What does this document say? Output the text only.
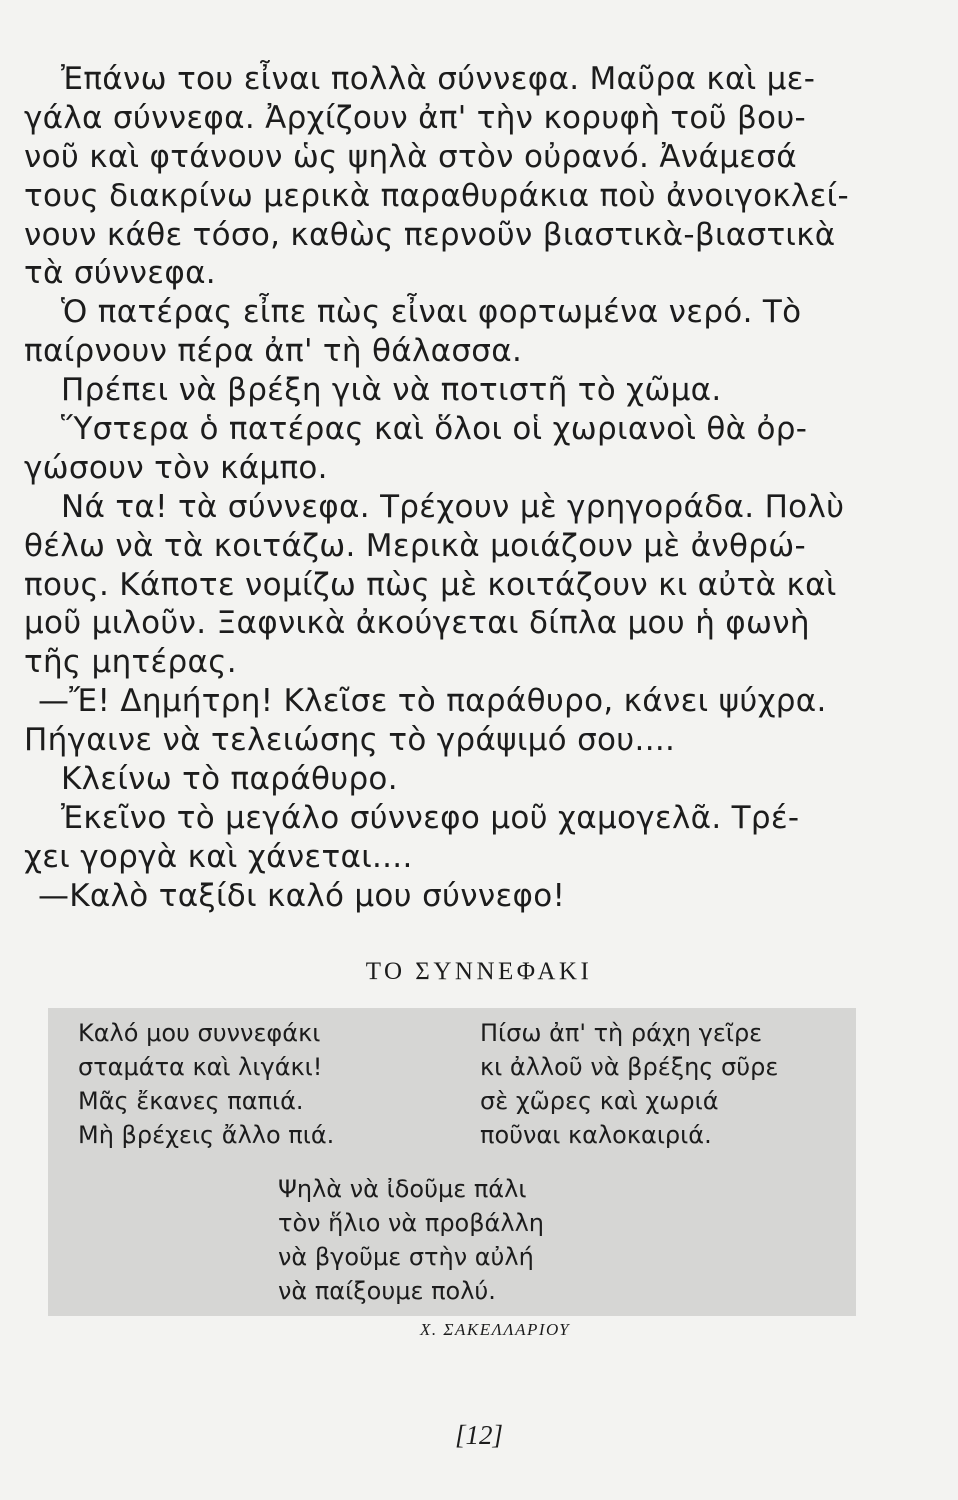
Ἐπάνω του εἶναι πολλὰ σύννεφα. Μαῦρα καὶ με-
γάλα σύννεφα. Ἀρχίζουν ἀπ' τὴν κορυφὴ τοῦ βου-
νοῦ καὶ φτάνουν ὡς ψηλὰ στὸν οὐρανό. Ἀνάμεσά
τους διακρίνω μερικὰ παραθυράκια ποὺ ἀνοιγοκλεί-
νουν κάθε τόσο, καθὼς περνοῦν βιαστικὰ-βιαστικὰ
τὰ σύννεφα.
Ὁ πατέρας εἶπε πὼς εἶναι φορτωμένα νερό. Τὸ
παίρνουν πέρα ἀπ' τὴ θάλασσα.
Πρέπει νὰ βρέξη γιὰ νὰ ποτιστῆ τὸ χῶμα.
Ὕστερα ὁ πατέρας καὶ ὅλοι οἱ χωριανοὶ θὰ ὀρ-
γώσουν τὸν κάμπο.
Νά τα! τὰ σύννεφα. Τρέχουν μὲ γρηγοράδα. Πολὺ
θέλω νὰ τὰ κοιτάζω. Μερικὰ μοιάζουν μὲ ἀνθρώ-
πους. Κάποτε νομίζω πὼς μὲ κοιτάζουν κι αὐτὰ καὶ
μοῦ μιλοῦν. Ξαφνικὰ ἀκούγεται δίπλα μου ἡ φωνὴ
τῆς μητέρας.
—Ἔ! Δημήτρη! Κλεῖσε τὸ παράθυρο, κάνει ψύχρα.
Πήγαινε νὰ τελειώσης τὸ γράψιμό σου....
Κλείνω τὸ παράθυρο.
Ἐκεῖνο τὸ μεγάλο σύννεφο μοῦ χαμογελᾶ. Τρέ-
χει γοργὰ καὶ χάνεται....
—Καλὸ ταξίδι καλό μου σύννεφο!
ΤΟ ΣΥΝΝΕΦΑΚΙ
Καλό μου συννεφάκι
σταμάτα καὶ λιγάκι!
Μᾶς ἔκανες παπιά.
Μὴ βρέχεις ἄλλο πιά.
Πίσω ἀπ' τὴ ράχη γεῖρε
κι ἀλλοῦ νὰ βρέξης σῦρε
σὲ χῶρες καὶ χωριά
ποῦναι καλοκαιριά.
Ψηλὰ νὰ ἰδοῦμε πάλι
τὸν ἥλιο νὰ προβάλλη
νὰ βγοῦμε στὴν αὐλή
νὰ παίξουμε πολύ.
Χ. ΣΑΚΕΛΛΑΡΙΟΥ
[12]
